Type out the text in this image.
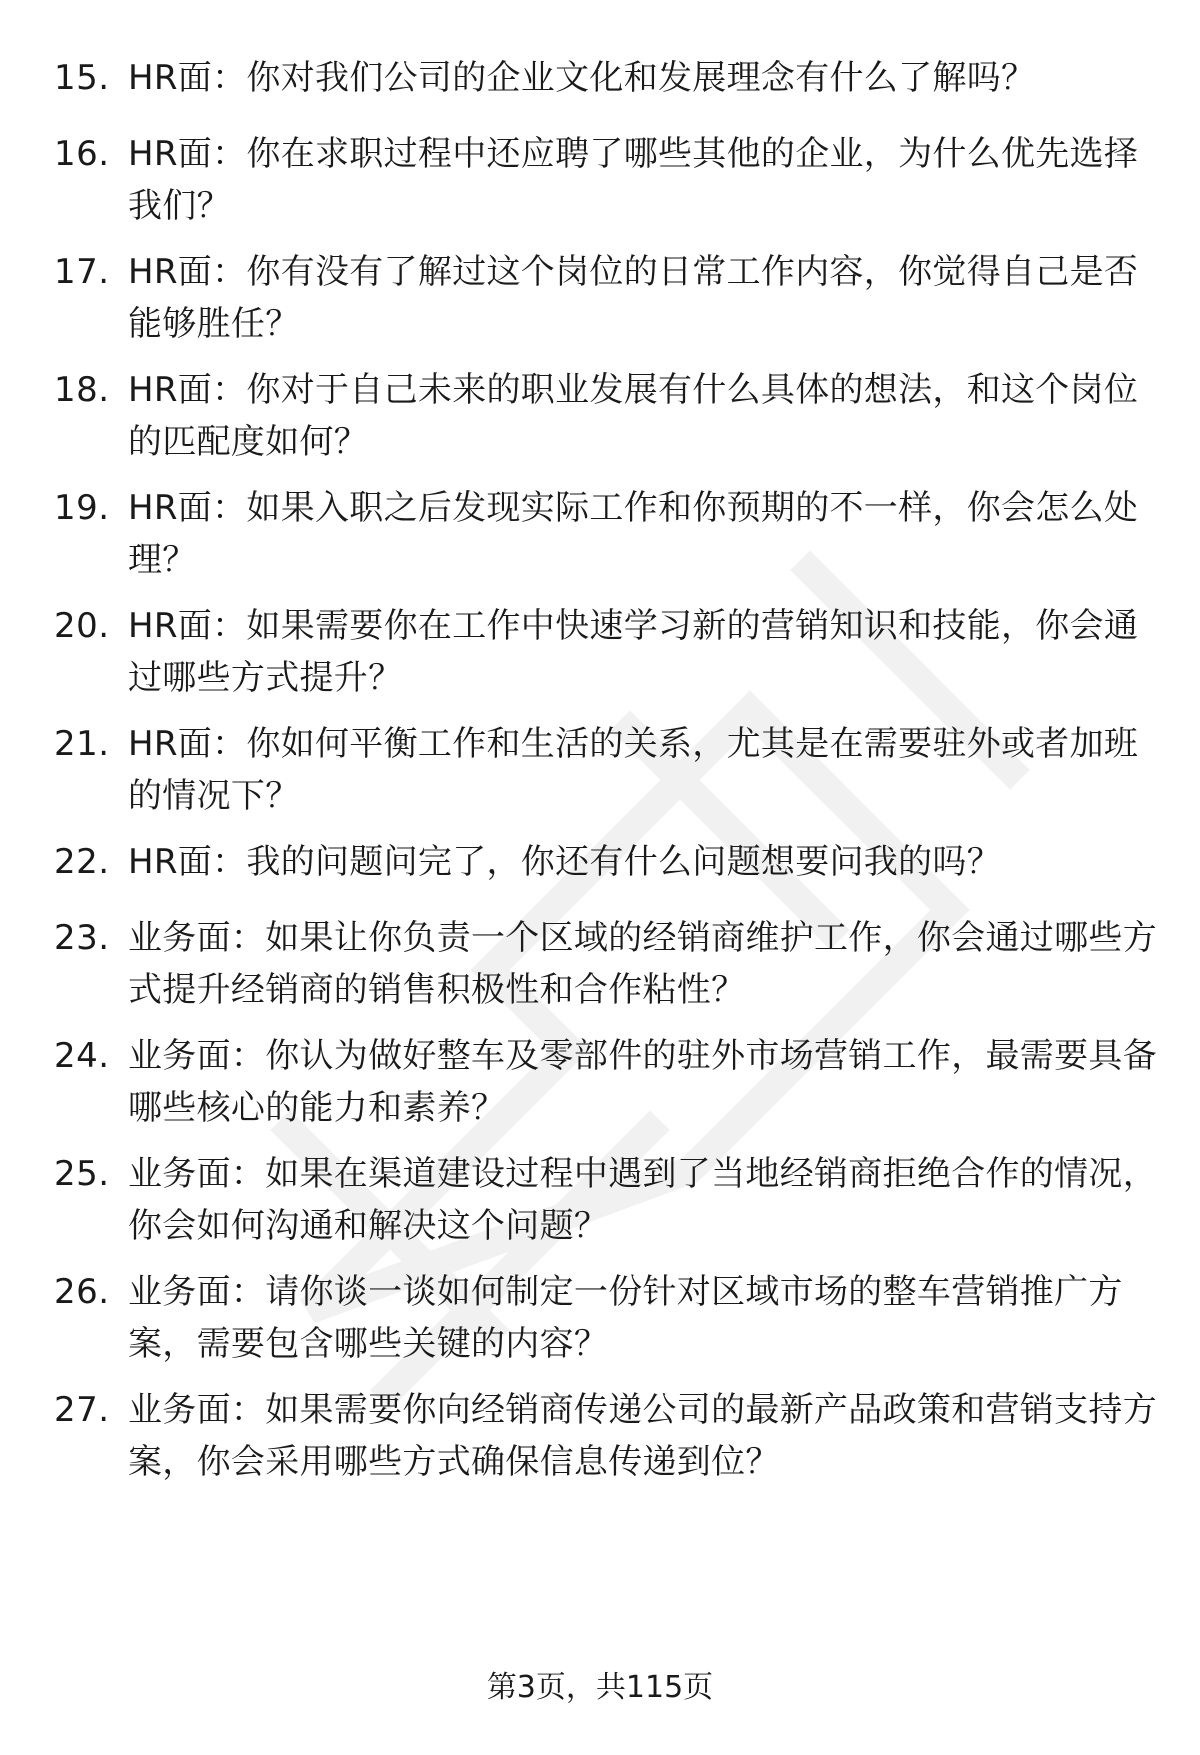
15. HR面：你对我们公司的企业文化和发展理念有什么了解吗？
16. HR面：你在求职过程中还应聘了哪些其他的企业，为什么优先选择我们？
17. HR面：你有没有了解过这个岗位的日常工作内容，你觉得自己是否能够胜任？
18. HR面：你对于自己未来的职业发展有什么具体的想法，和这个岗位的匹配度如何？
19. HR面：如果入职之后发现实际工作和你预期的不一样，你会怎么处理？
20. HR面：如果需要你在工作中快速学习新的营销知识和技能，你会通过哪些方式提升？
21. HR面：你如何平衡工作和生活的关系，尤其是在需要驻外或者加班的情况下？
22. HR面：我的问题问完了，你还有什么问题想要问我的吗？
23. 业务面：如果让你负责一个区域的经销商维护工作，你会通过哪些方式提升经销商的销售积极性和合作粘性？
24. 业务面：你认为做好整车及零部件的驻外市场营销工作，最需要具备哪些核心的能力和素养？
25. 业务面：如果在渠道建设过程中遇到了当地经销商拒绝合作的情况，你会如何沟通和解决这个问题？
26. 业务面：请你谈一谈如何制定一份针对区域市场的整车营销推广方案，需要包含哪些关键的内容？
27. 业务面：如果需要你向经销商传递公司的最新产品政策和营销支持方案，你会采用哪些方式确保信息传递到位？
第3页，共115页
